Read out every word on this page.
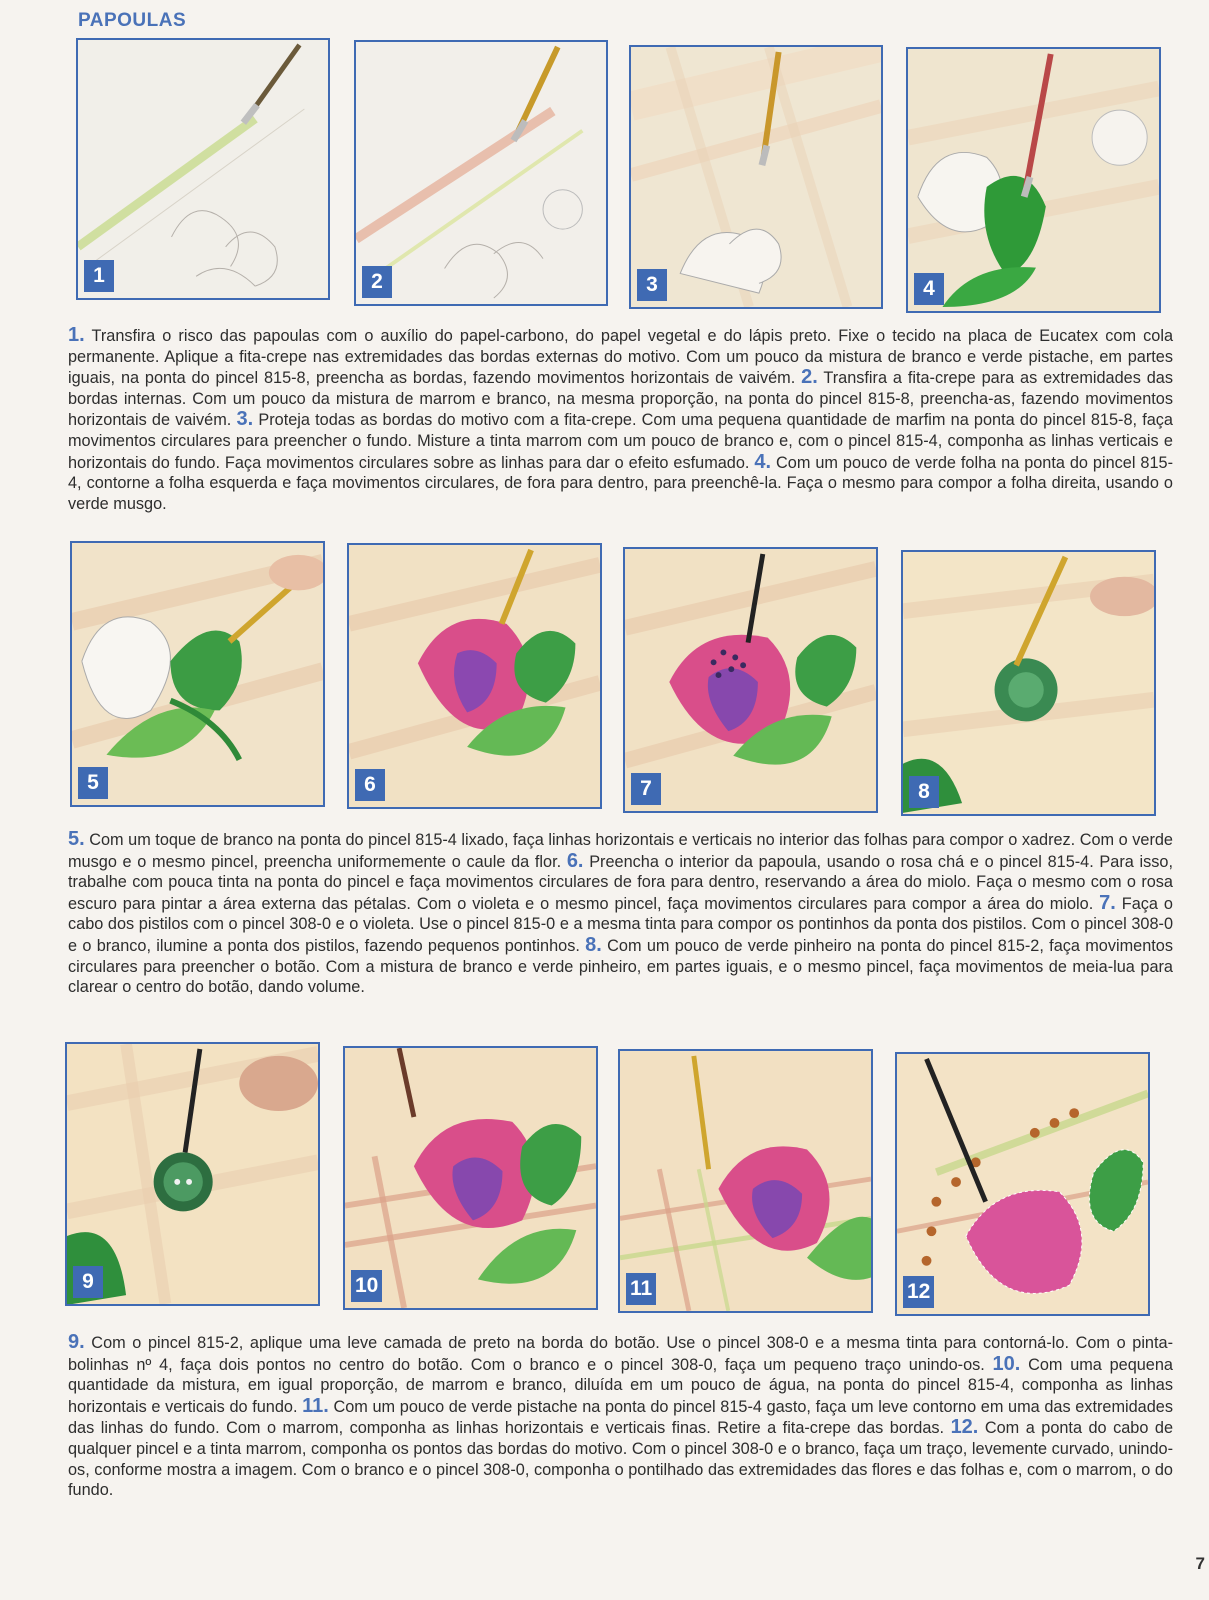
PAPOULAS
1	2	3	4

1. Transfira o risco das papoulas com o auxílio do papel-carbono, do papel vegetal e do lápis preto. Fixe o tecido na placa de Eucatex com cola permanente. Aplique a fita-crepe nas extremidades das bordas externas do motivo. Com um pouco da mistura de branco e verde pistache, em partes iguais, na ponta do pincel 815-8, preencha as bordas, fazendo movimentos horizontais de vaivém. 2. Transfira a fita-crepe para as extremidades das bordas internas. Com um pouco da mistura de marrom e branco, na mesma proporção, na ponta do pincel 815-8, preencha-as, fazendo movimentos horizontais de vaivém. 3. Proteja todas as bordas do motivo com a fita-crepe. Com uma pequena quantidade de marfim na ponta do pincel 815-8, faça movimentos circulares para preencher o fundo. Misture a tinta marrom com um pouco de branco e, com o pincel 815-4, componha as linhas verticais e horizontais do fundo. Faça movimentos circulares sobre as linhas para dar o efeito esfumado. 4. Com um pouco de verde folha na ponta do pincel 815-4, contorne a folha esquerda e faça movimentos circulares, de fora para dentro, para preenchê-la. Faça o mesmo para compor a folha direita, usando o verde musgo.

5	6	7	8

5. Com um toque de branco na ponta do pincel 815-4 lixado, faça linhas horizontais e verticais no interior das folhas para compor o xadrez. Com o verde musgo e o mesmo pincel, preencha uniformemente o caule da flor. 6. Preencha o interior da papoula, usando o rosa chá e o pincel 815-4. Para isso, trabalhe com pouca tinta na ponta do pincel e faça movimentos circulares de fora para dentro, reservando a área do miolo. Faça o mesmo com o rosa escuro para pintar a área externa das pétalas. Com o violeta e o mesmo pincel, faça movimentos circulares para compor a área do miolo. 7. Faça o cabo dos pistilos com o pincel 308-0 e o violeta. Use o pincel 815-0 e a mesma tinta para compor os pontinhos da ponta dos pistilos. Com o pincel 308-0 e o branco, ilumine a ponta dos pistilos, fazendo pequenos pontinhos. 8. Com um pouco de verde pinheiro na ponta do pincel 815-2, faça movimentos circulares para preencher o botão. Com a mistura de branco e verde pinheiro, em partes iguais, e o mesmo pincel, faça movimentos de meia-lua para clarear o centro do botão, dando volume.

9	10	11	12

9. Com o pincel 815-2, aplique uma leve camada de preto na borda do botão. Use o pincel 308-0 e a mesma tinta para contorná-lo. Com o pinta-bolinhas nº 4, faça dois pontos no centro do botão. Com o branco e o pincel 308-0, faça um pequeno traço unindo-os. 10. Com uma pequena quantidade da mistura, em igual proporção, de marrom e branco, diluída em um pouco de água, na ponta do pincel 815-4, componha as linhas horizontais e verticais do fundo. 11. Com um pouco de verde pistache na ponta do pincel 815-4 gasto, faça um leve contorno em uma das extremidades das linhas do fundo. Com o marrom, componha as linhas horizontais e verticais finas. Retire a fita-crepe das bordas. 12. Com a ponta do cabo de qualquer pincel e a tinta marrom, componha os pontos das bordas do motivo. Com o pincel 308-0 e o branco, faça um traço, levemente curvado, unindo-os, conforme mostra a imagem. Com o branco e o pincel 308-0, componha o pontilhado das extremidades das flores e das folhas e, com o marrom, o do fundo.

7
